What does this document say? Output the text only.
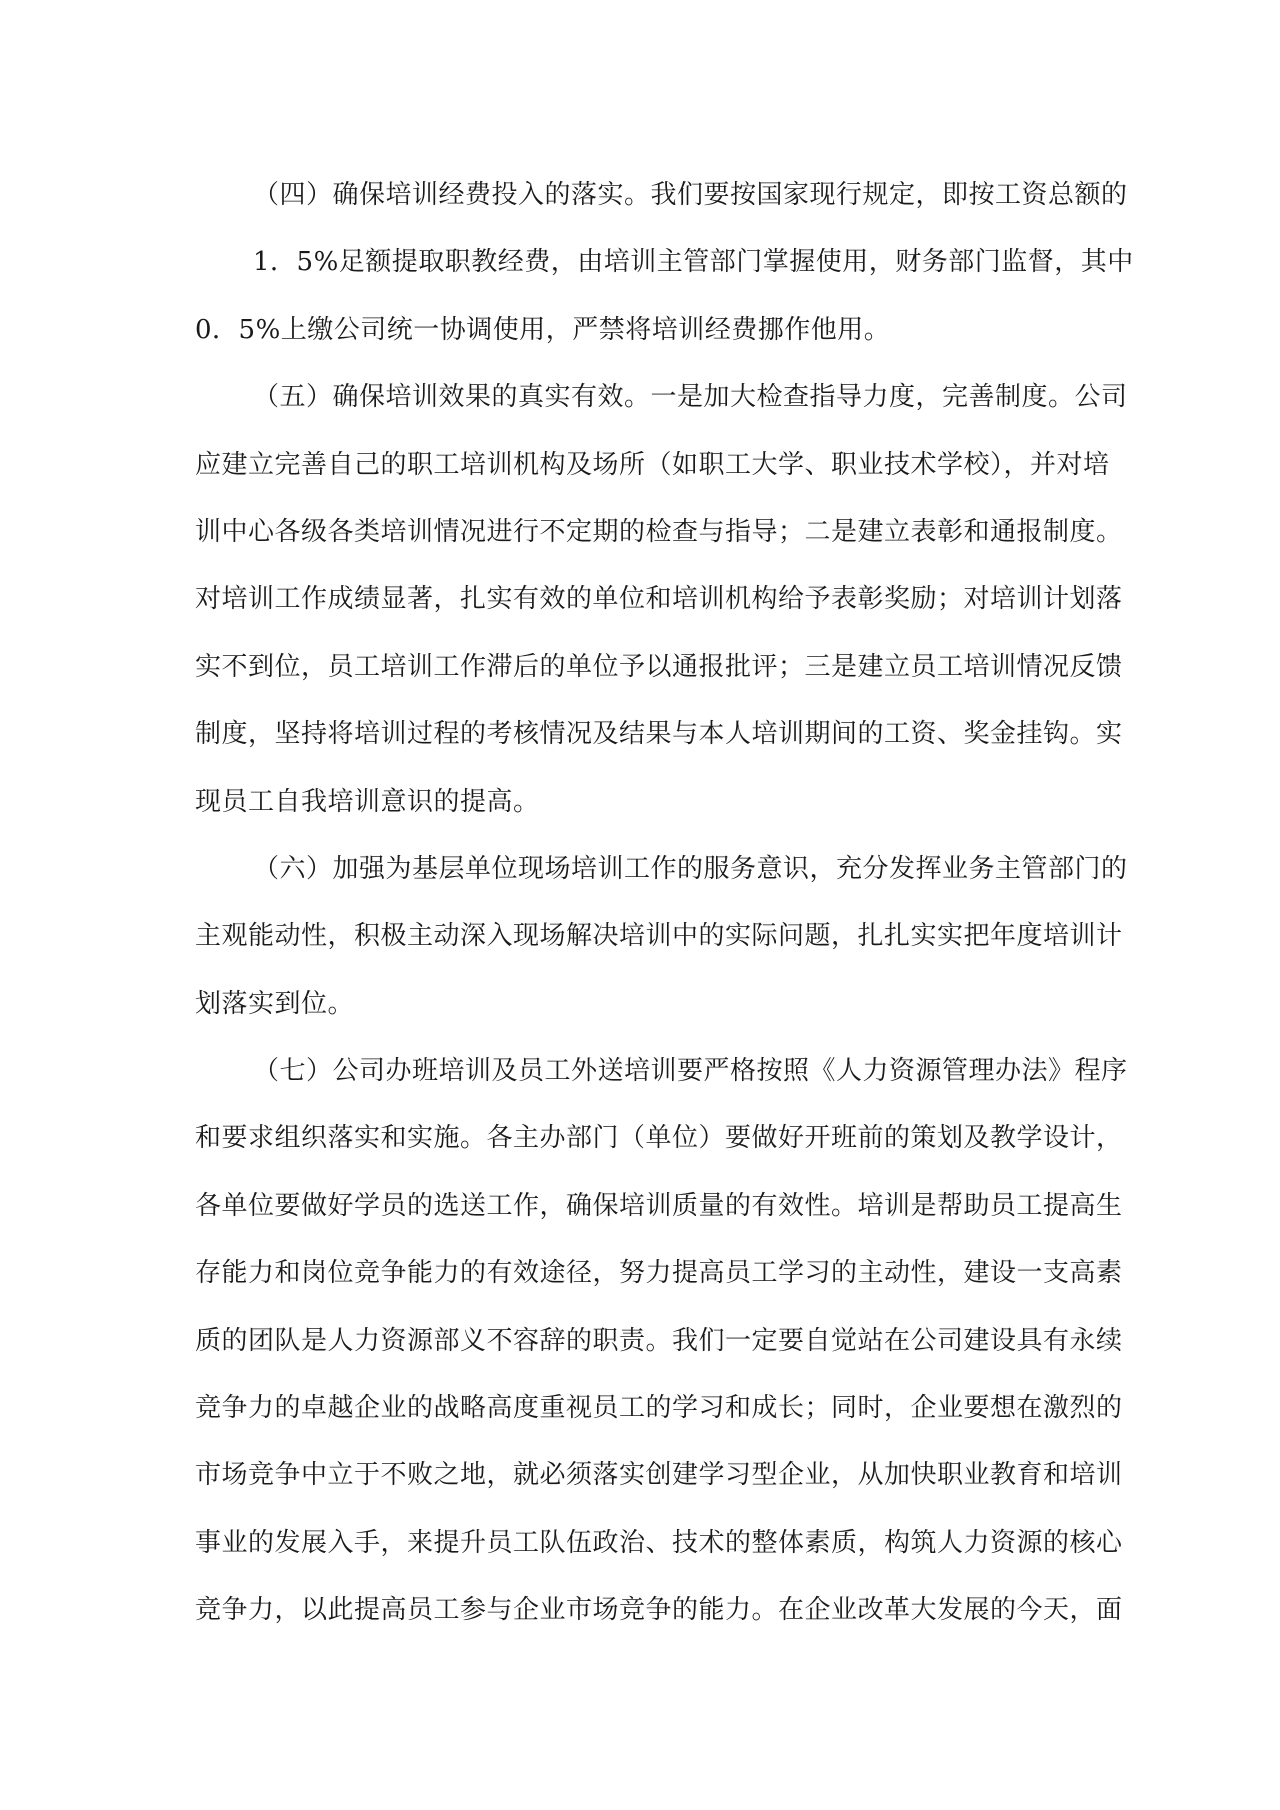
（四）确保培训经费投入的落实。我们要按国家现行规定，即按工资总额的
1．5%足额提取职教经费，由培训主管部门掌握使用，财务部门监督，其中
0．5%上缴公司统一协调使用，严禁将培训经费挪作他用。
（五）确保培训效果的真实有效。一是加大检查指导力度，完善制度。公司
应建立完善自己的职工培训机构及场所（如职工大学、职业技术学校），并对培
训中心各级各类培训情况进行不定期的检查与指导；二是建立表彰和通报制度。
对培训工作成绩显著，扎实有效的单位和培训机构给予表彰奖励；对培训计划落
实不到位，员工培训工作滞后的单位予以通报批评；三是建立员工培训情况反馈
制度，坚持将培训过程的考核情况及结果与本人培训期间的工资、奖金挂钩。实
现员工自我培训意识的提高。
（六）加强为基层单位现场培训工作的服务意识，充分发挥业务主管部门的
主观能动性，积极主动深入现场解决培训中的实际问题，扎扎实实把年度培训计
划落实到位。
（七）公司办班培训及员工外送培训要严格按照《人力资源管理办法》程序
和要求组织落实和实施。各主办部门（单位）要做好开班前的策划及教学设计，
各单位要做好学员的选送工作，确保培训质量的有效性。培训是帮助员工提高生
存能力和岗位竞争能力的有效途径，努力提高员工学习的主动性，建设一支高素
质的团队是人力资源部义不容辞的职责。我们一定要自觉站在公司建设具有永续
竞争力的卓越企业的战略高度重视员工的学习和成长；同时，企业要想在激烈的
市场竞争中立于不败之地，就必须落实创建学习型企业，从加快职业教育和培训
事业的发展入手，来提升员工队伍政治、技术的整体素质，构筑人力资源的核心
竞争力，以此提高员工参与企业市场竞争的能力。在企业改革大发展的今天，面
